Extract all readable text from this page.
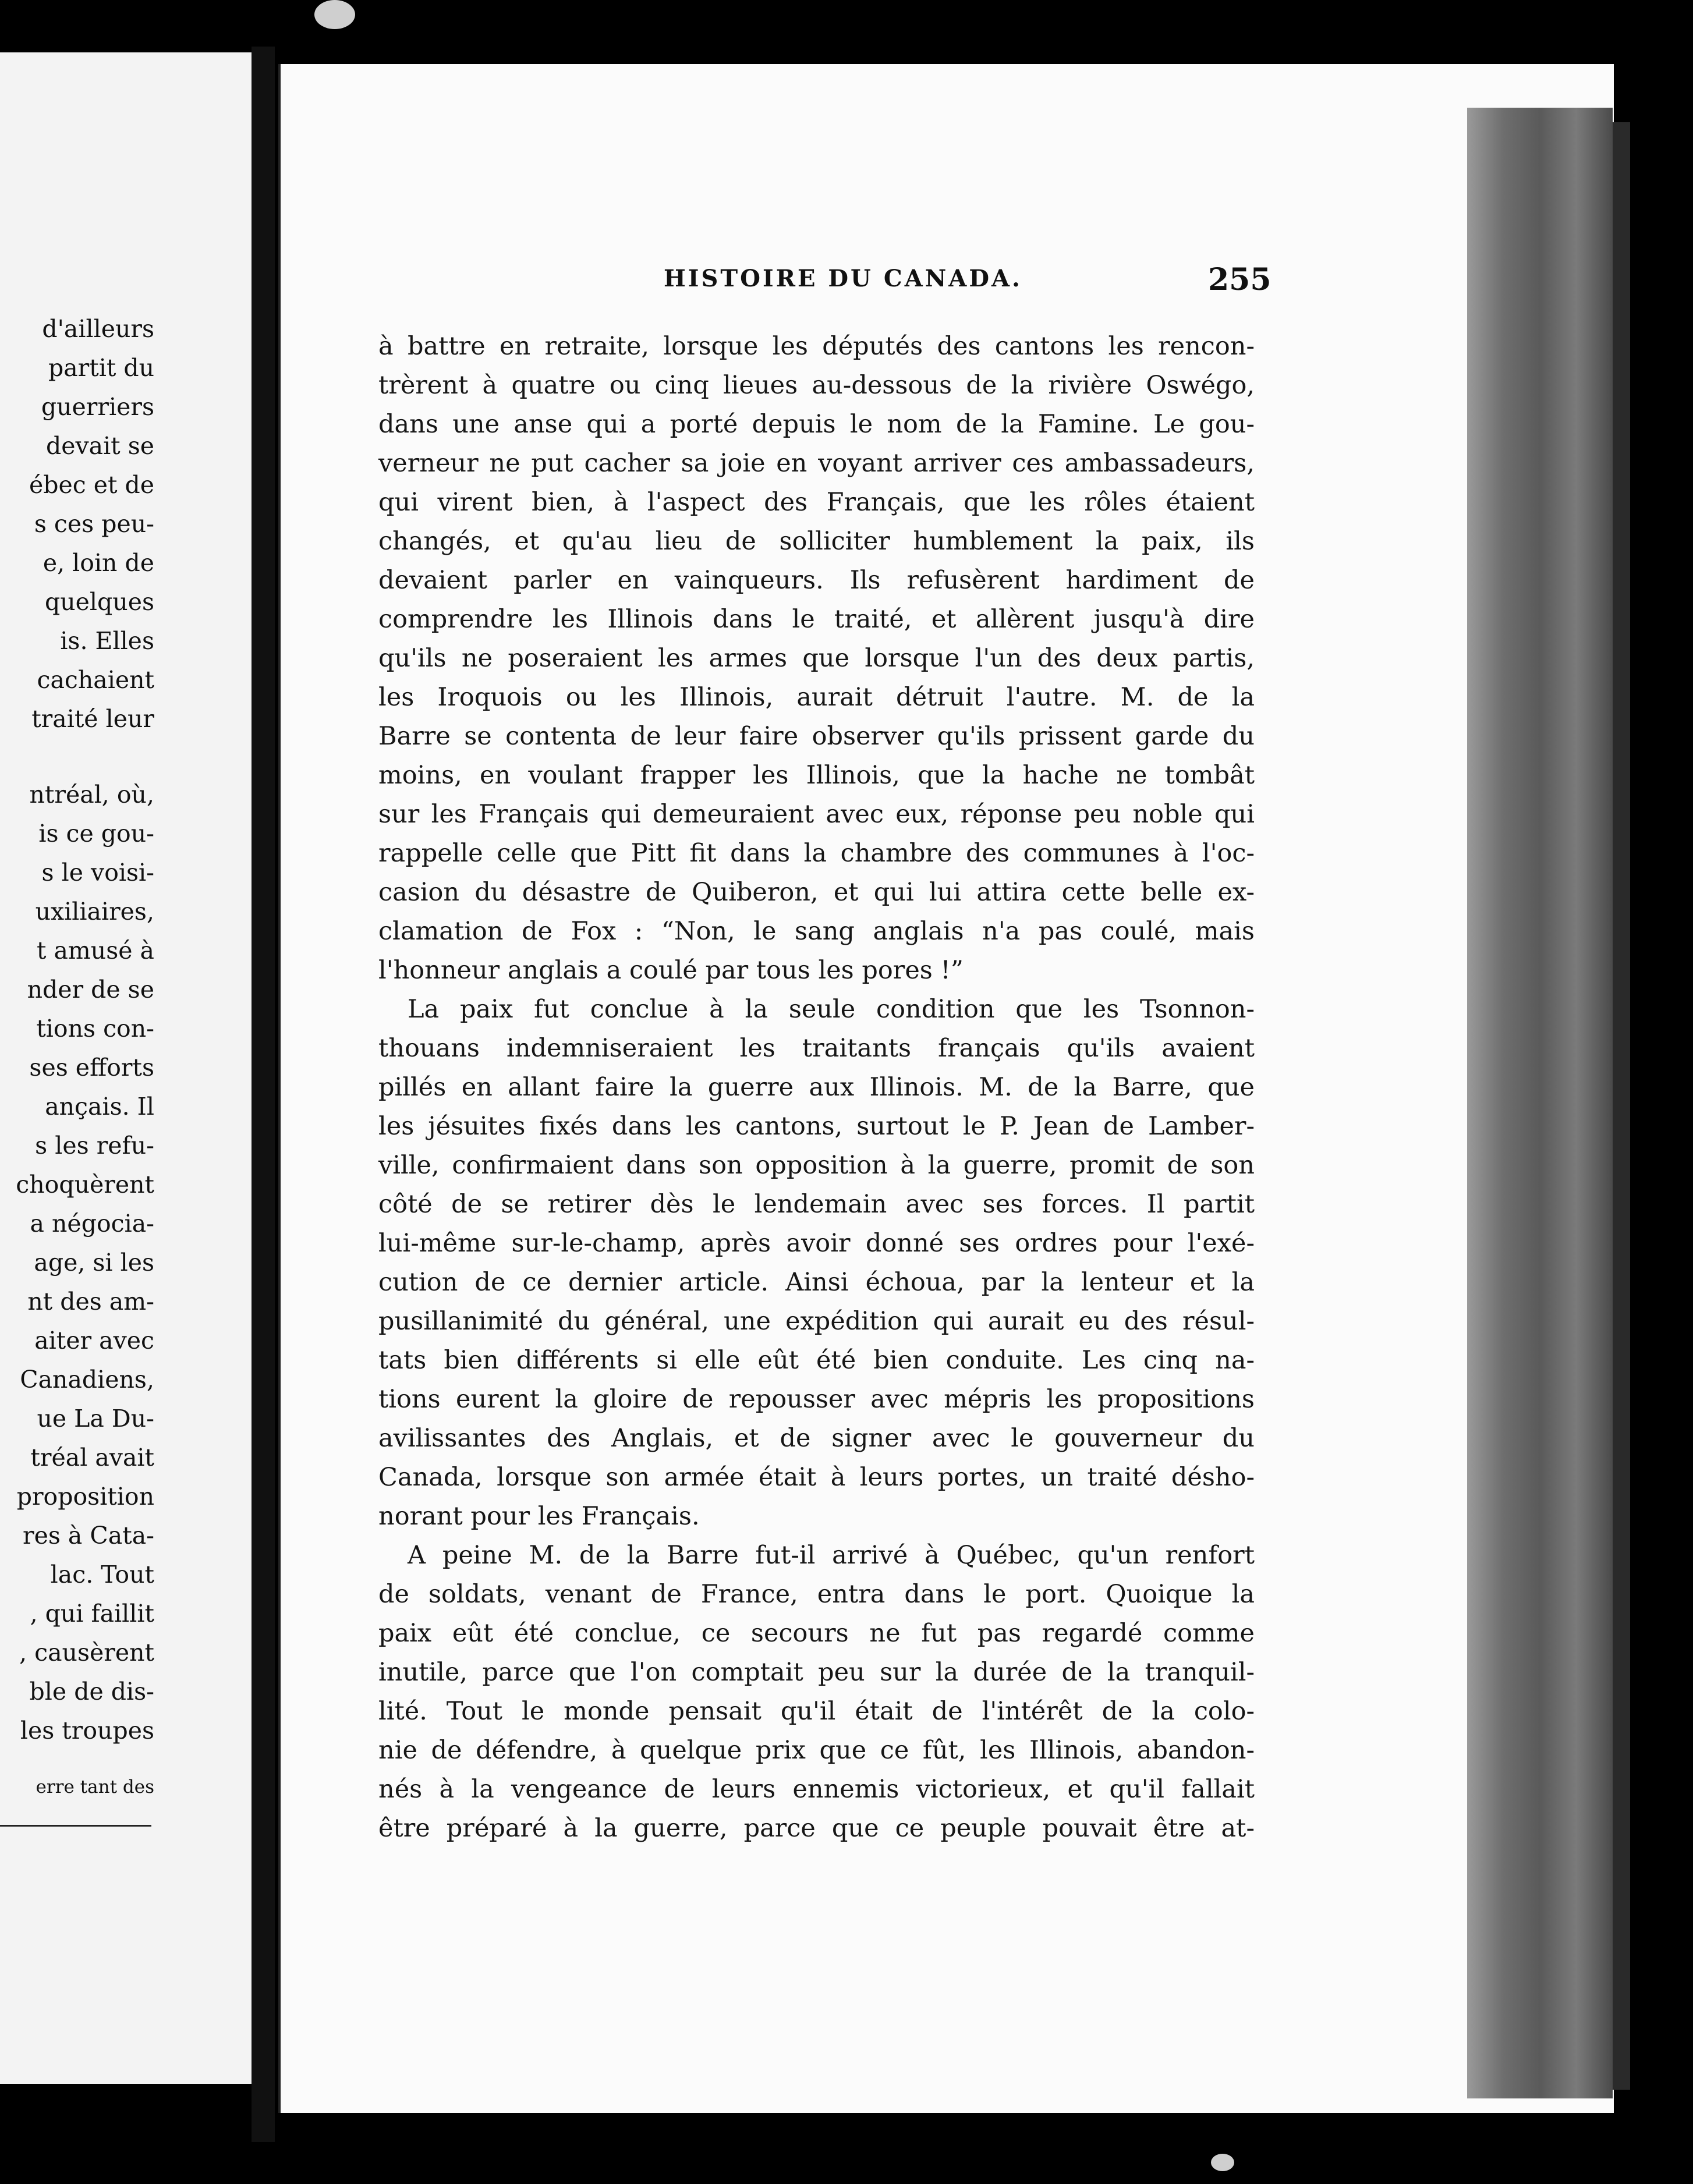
d'ailleurs
partit du
guerriers
devait se
ébec et de
s ces peu-
e, loin de
quelques
is. Elles
cachaient
traité leur
ntréal, où,
is ce gou-
s le voisi-
uxiliaires,
t amusé à
nder de se
tions con-
ses efforts
ançais. Il
s les refu-
choquèrent
a négocia-
age, si les
nt des am-
aiter avec
Canadiens,
ue La Du-
tréal avait
proposition
res à Cata-
lac. Tout
, qui faillit
, causèrent
ble de dis-
les troupes
erre tant des
HISTOIRE DU CANADA.	255
à battre en retraite, lorsque les députés des cantons les rencon-
trèrent à quatre ou cinq lieues au-dessous de la rivière Oswégo,
dans une anse qui a porté depuis le nom de la Famine. Le gou-
verneur ne put cacher sa joie en voyant arriver ces ambassadeurs,
qui virent bien, à l'aspect des Français, que les rôles étaient
changés, et qu'au lieu de solliciter humblement la paix, ils
devaient parler en vainqueurs. Ils refusèrent hardiment de
comprendre les Illinois dans le traité, et allèrent jusqu'à dire
qu'ils ne poseraient les armes que lorsque l'un des deux partis,
les Iroquois ou les Illinois, aurait détruit l'autre. M. de la
Barre se contenta de leur faire observer qu'ils prissent garde du
moins, en voulant frapper les Illinois, que la hache ne tombât
sur les Français qui demeuraient avec eux, réponse peu noble qui
rappelle celle que Pitt fit dans la chambre des communes à l'oc-
casion du désastre de Quiberon, et qui lui attira cette belle ex-
clamation de Fox : “Non, le sang anglais n'a pas coulé, mais
l'honneur anglais a coulé par tous les pores !”
La paix fut conclue à la seule condition que les Tsonnon-
thouans indemniseraient les traitants français qu'ils avaient
pillés en allant faire la guerre aux Illinois. M. de la Barre, que
les jésuites fixés dans les cantons, surtout le P. Jean de Lamber-
ville, confirmaient dans son opposition à la guerre, promit de son
côté de se retirer dès le lendemain avec ses forces. Il partit
lui-même sur-le-champ, après avoir donné ses ordres pour l'exé-
cution de ce dernier article. Ainsi échoua, par la lenteur et la
pusillanimité du général, une expédition qui aurait eu des résul-
tats bien différents si elle eût été bien conduite. Les cinq na-
tions eurent la gloire de repousser avec mépris les propositions
avilissantes des Anglais, et de signer avec le gouverneur du
Canada, lorsque son armée était à leurs portes, un traité désho-
norant pour les Français.
A peine M. de la Barre fut-il arrivé à Québec, qu'un renfort
de soldats, venant de France, entra dans le port. Quoique la
paix eût été conclue, ce secours ne fut pas regardé comme
inutile, parce que l'on comptait peu sur la durée de la tranquil-
lité. Tout le monde pensait qu'il était de l'intérêt de la colo-
nie de défendre, à quelque prix que ce fût, les Illinois, abandon-
nés à la vengeance de leurs ennemis victorieux, et qu'il fallait
être préparé à la guerre, parce que ce peuple pouvait être at-
